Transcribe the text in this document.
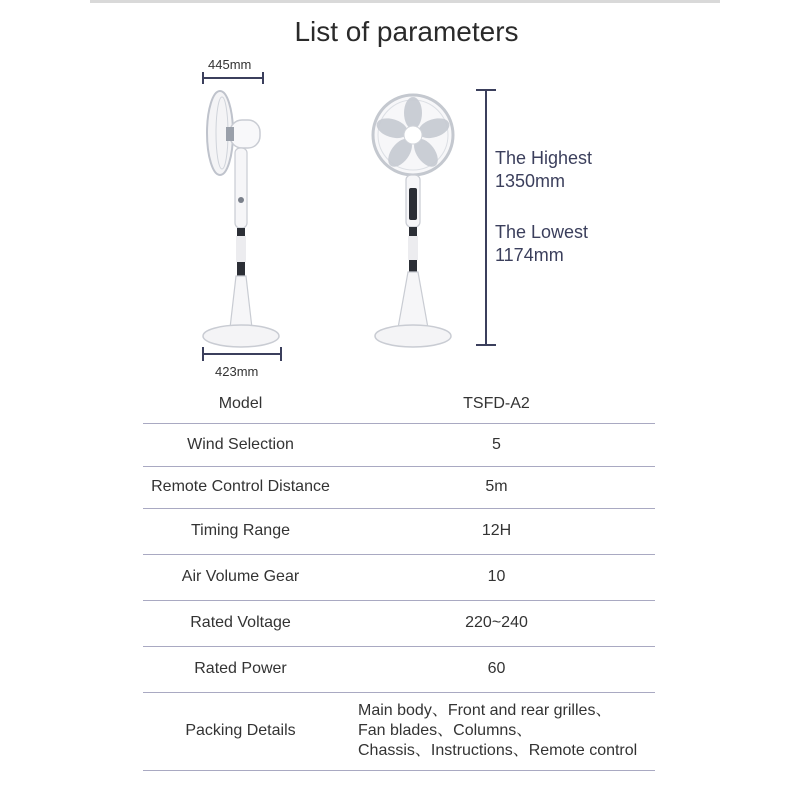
List of parameters
445mm
423mm
The Highest
1350mm
The Lowest
1174mm
Model	TSFD-A2
Wind Selection	5
Remote Control Distance	5m
Timing Range	12H
Air Volume Gear	10
Rated Voltage	220~240
Rated Power	60
Packing Details	Main body、Front and rear grilles、
Fan blades、Columns、
Chassis、Instructions、Remote control
